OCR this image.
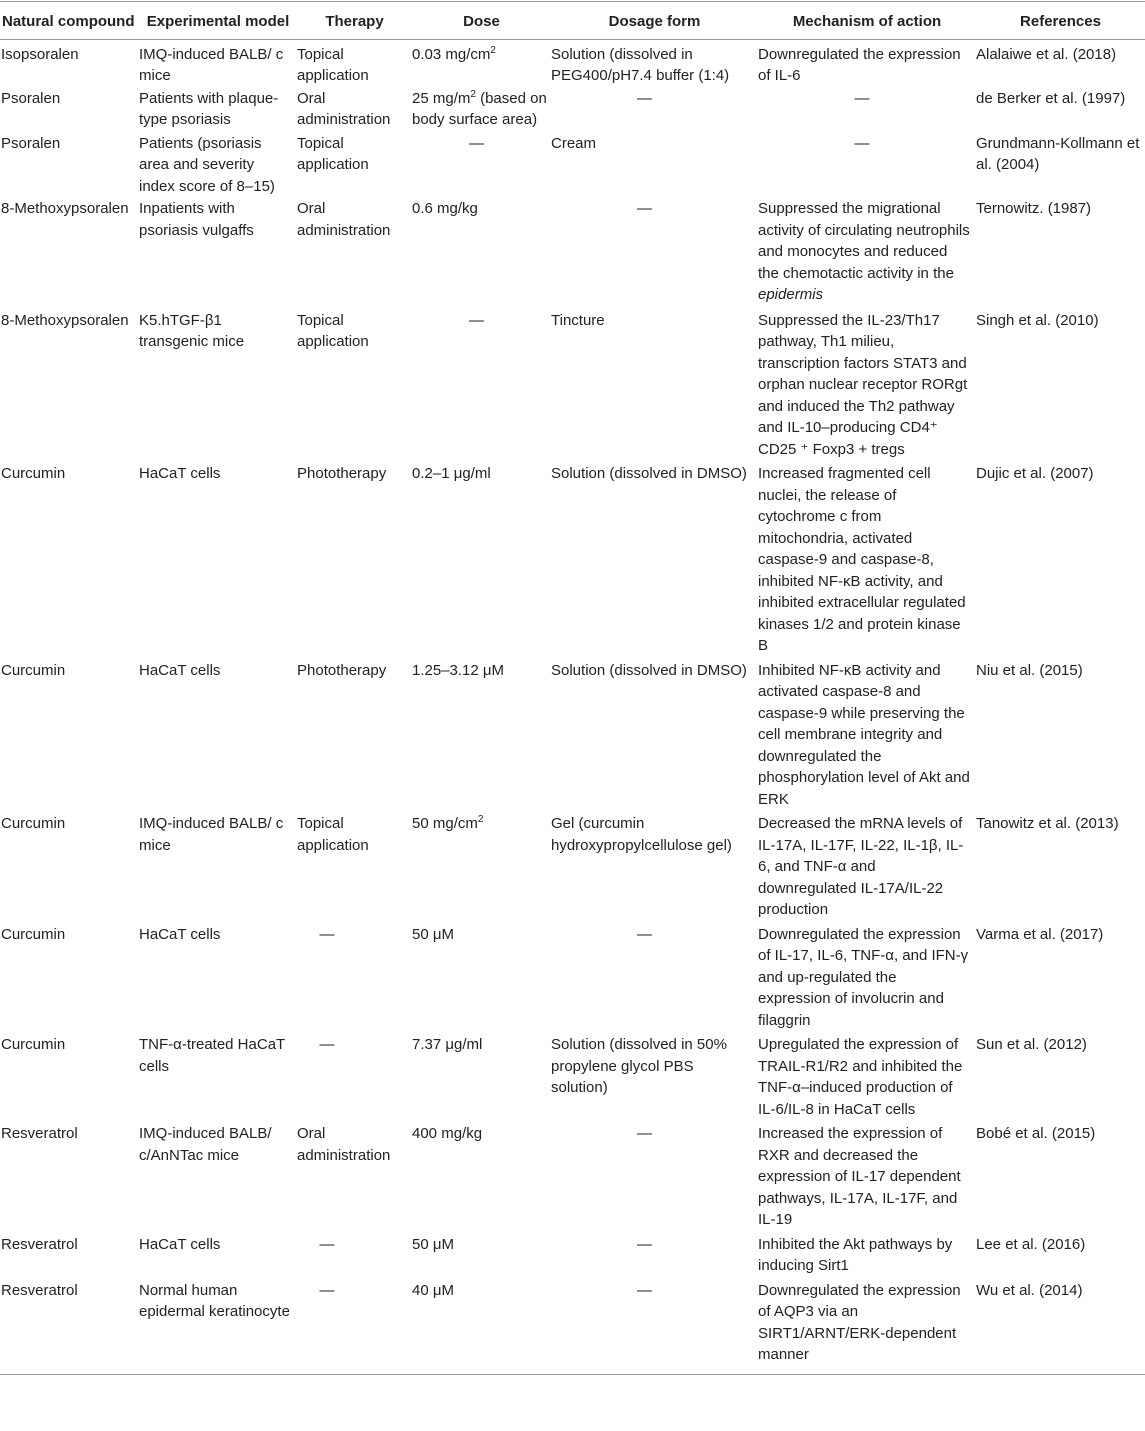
Natural compound	Experimental model	Therapy	Dose	Dosage form	Mechanism of action	References
Isopsoralen	IMQ-induced BALB/ c mice	Topical application	0.03 $mg/cm^2$	Solution (dissolved in PEG400/pH7.4 buffer (1:4)	Downregulated the expression of IL-6	Alalaiwe et al. (2018)
Psoralen	Patients with plaque-type psoriasis	Oral administration	25 $mg/m^2$ (based on body surface area)	—	—	de Berker et al. (1997)
Psoralen	Patients (psoriasis area and severity index score of 8–15)	Topical application	—	Cream	—	Grundmann-Kollmann et al. (2004)
8-Methoxypsoralen	Inpatients with psoriasis vulgaffs	Oral administration	0.6 mg/kg	—	Suppressed the migrational activity of circulating neutrophils and monocytes and reduced the chemotactic activity in the epidermis	Ternowitz. (1987)
8-Methoxypsoralen	K5.hTGF-β1 transgenic mice	Topical application	—	Tincture	Suppressed the IL-23/Th17 pathway, Th1 milieu, transcription factors STAT3 and orphan nuclear receptor RORgt and induced the Th2 pathway and IL-10–producing CD4⁺ CD25 ⁺ Foxp3 + tregs	Singh et al. (2010)
Curcumin	HaCaT cells	Phototherapy	0.2–1 μg/ml	Solution (dissolved in DMSO)	Increased fragmented cell nuclei, the release of cytochrome c from mitochondria, activated caspase-9 and caspase-8, inhibited NF-κB activity, and inhibited extracellular regulated kinases 1/2 and protein kinase B	Dujic et al. (2007)
Curcumin	HaCaT cells	Phototherapy	1.25–3.12 μM	Solution (dissolved in DMSO)	Inhibited NF-κB activity and activated caspase-8 and caspase-9 while preserving the cell membrane integrity and downregulated the phosphorylation level of Akt and ERK	Niu et al. (2015)
Curcumin	IMQ-induced BALB/ c mice	Topical application	50 $mg/cm^2$	Gel (curcumin hydroxypropylcellulose gel)	Decreased the mRNA levels of IL-17A, IL-17F, IL-22, IL-1β, IL-6, and TNF-α and downregulated IL-17A/IL-22 production	Tanowitz et al. (2013)
Curcumin	HaCaT cells	—	50 μM	—	Downregulated the expression of IL-17, IL-6, TNF-α, and IFN-γ and up-regulated the expression of involucrin and filaggrin	Varma et al. (2017)
Curcumin	TNF-α-treated HaCaT cells	—	7.37 μg/ml	Solution (dissolved in 50% propylene glycol PBS solution)	Upregulated the expression of TRAIL-R1/R2 and inhibited the TNF-α–induced production of IL-6/IL-8 in HaCaT cells	Sun et al. (2012)
Resveratrol	IMQ-induced BALB/ c/AnNTac mice	Oral administration	400 mg/kg	—	Increased the expression of RXR and decreased the expression of IL-17 dependent pathways, IL-17A, IL-17F, and IL-19	Bobé et al. (2015)
Resveratrol	HaCaT cells	—	50 μM	—	Inhibited the Akt pathways by inducing Sirt1	Lee et al. (2016)
Resveratrol	Normal human epidermal keratinocyte	—	40 μM	—	Downregulated the expression of AQP3 via an SIRT1/ARNT/ERK-dependent manner	Wu et al. (2014)
